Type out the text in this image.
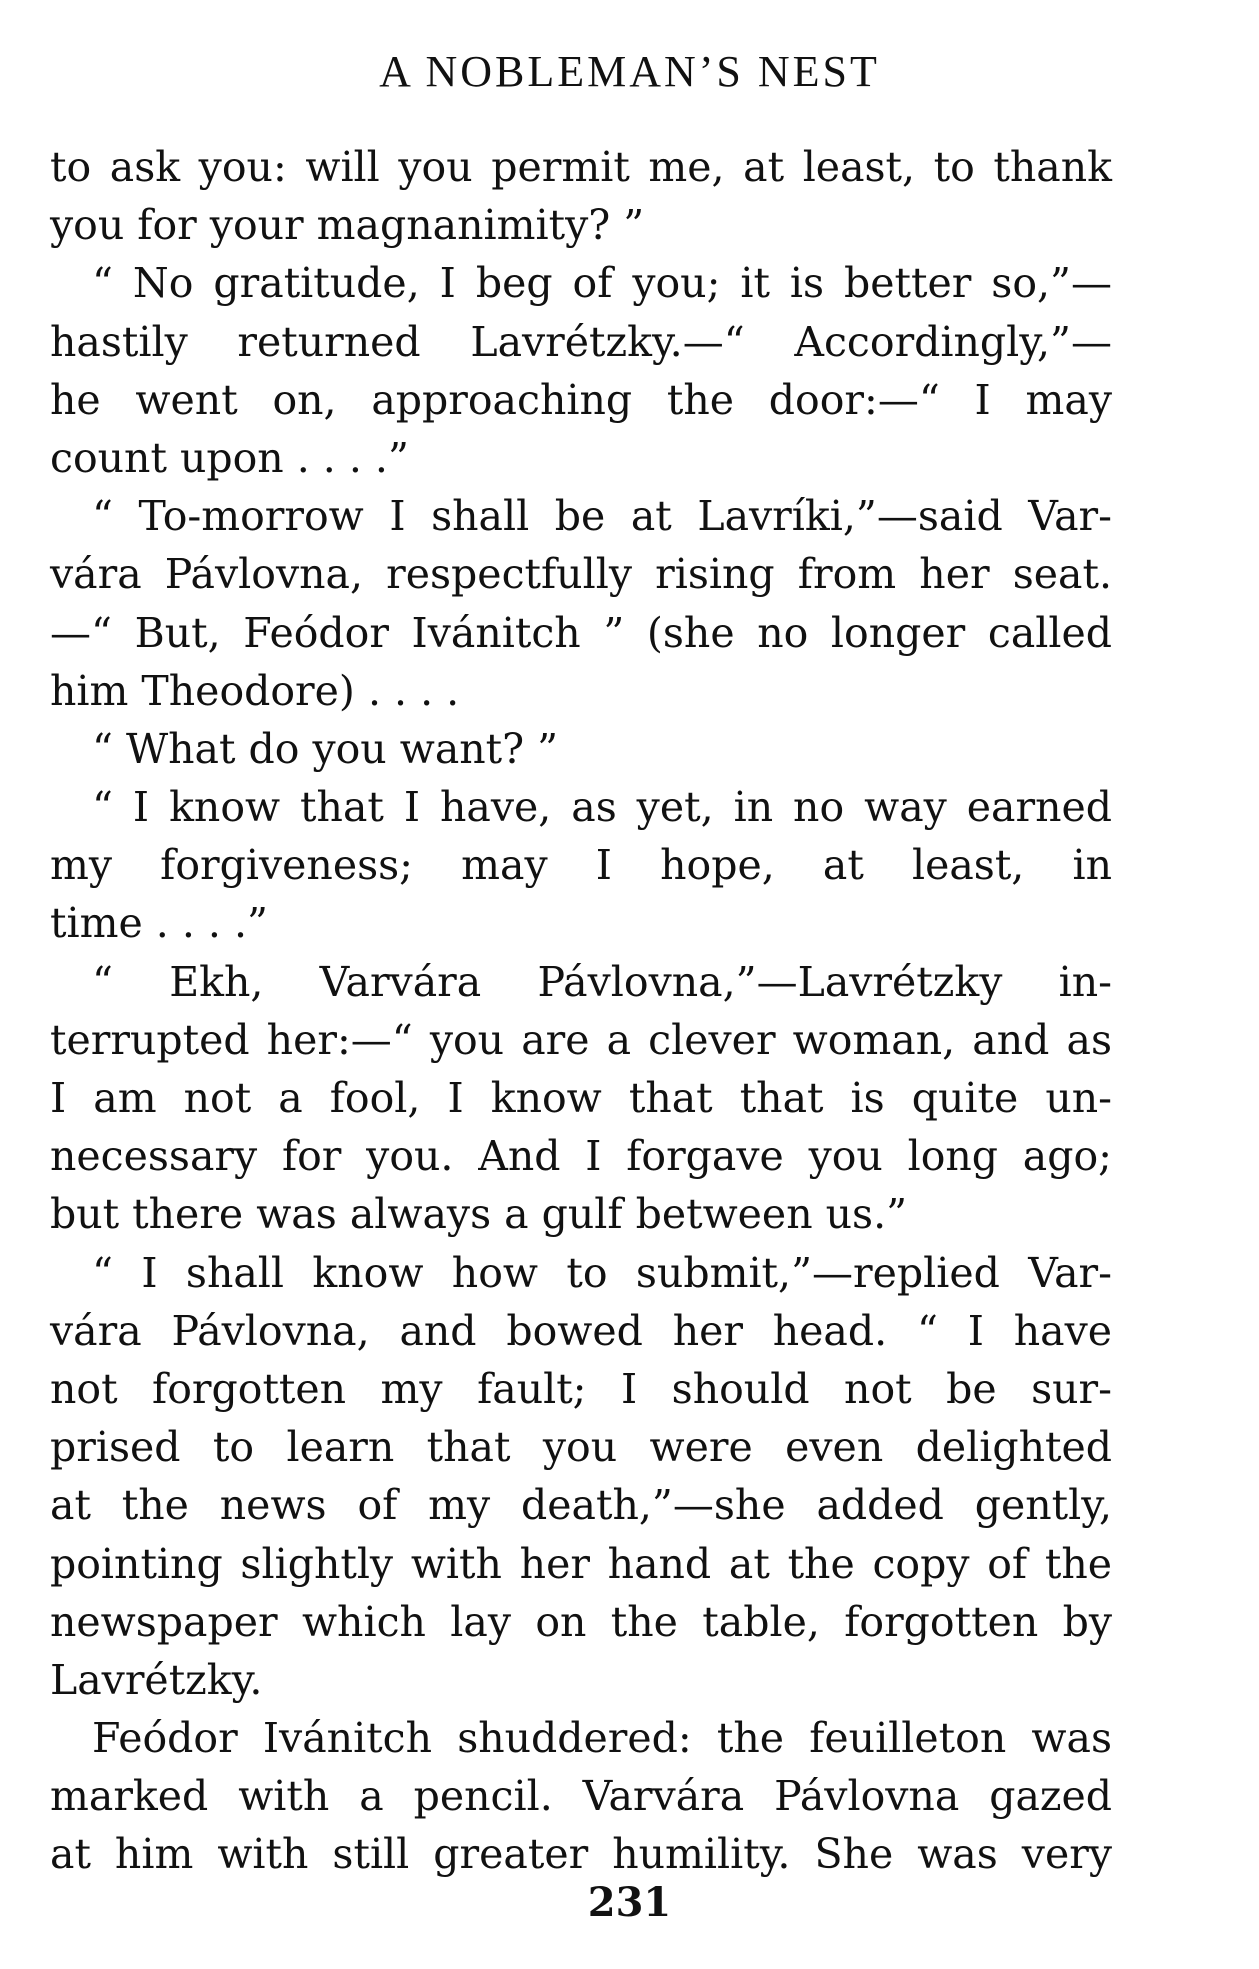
A NOBLEMAN’S NEST
to ask you: will you permit me, at least, to thank
you for your magnanimity? ”
“ No gratitude, I beg of you; it is better so,”—
hastily returned Lavrétzky.—“ Accordingly,”—
he went on, approaching the door:—“ I may
count upon . . . .”
“ To-morrow I shall be at Lavríki,”—said Var-
vára Pávlovna, respectfully rising from her seat.
—“ But, Feódor Ivánitch ” (she no longer called
him Theodore) . . . .
“ What do you want? ”
“ I know that I have, as yet, in no way earned
my forgiveness; may I hope, at least, in
time . . . .”
“ Ekh, Varvára Pávlovna,”—Lavrétzky in-
terrupted her:—“ you are a clever woman, and as
I am not a fool, I know that that is quite un-
necessary for you. And I forgave you long ago;
but there was always a gulf between us.”
“ I shall know how to submit,”—replied Var-
vára Pávlovna, and bowed her head. “ I have
not forgotten my fault; I should not be sur-
prised to learn that you were even delighted
at the news of my death,”—she added gently,
pointing slightly with her hand at the copy of the
newspaper which lay on the table, forgotten by
Lavrétzky.
Feódor Ivánitch shuddered: the feuilleton was
marked with a pencil. Varvára Pávlovna gazed
at him with still greater humility. She was very
231
